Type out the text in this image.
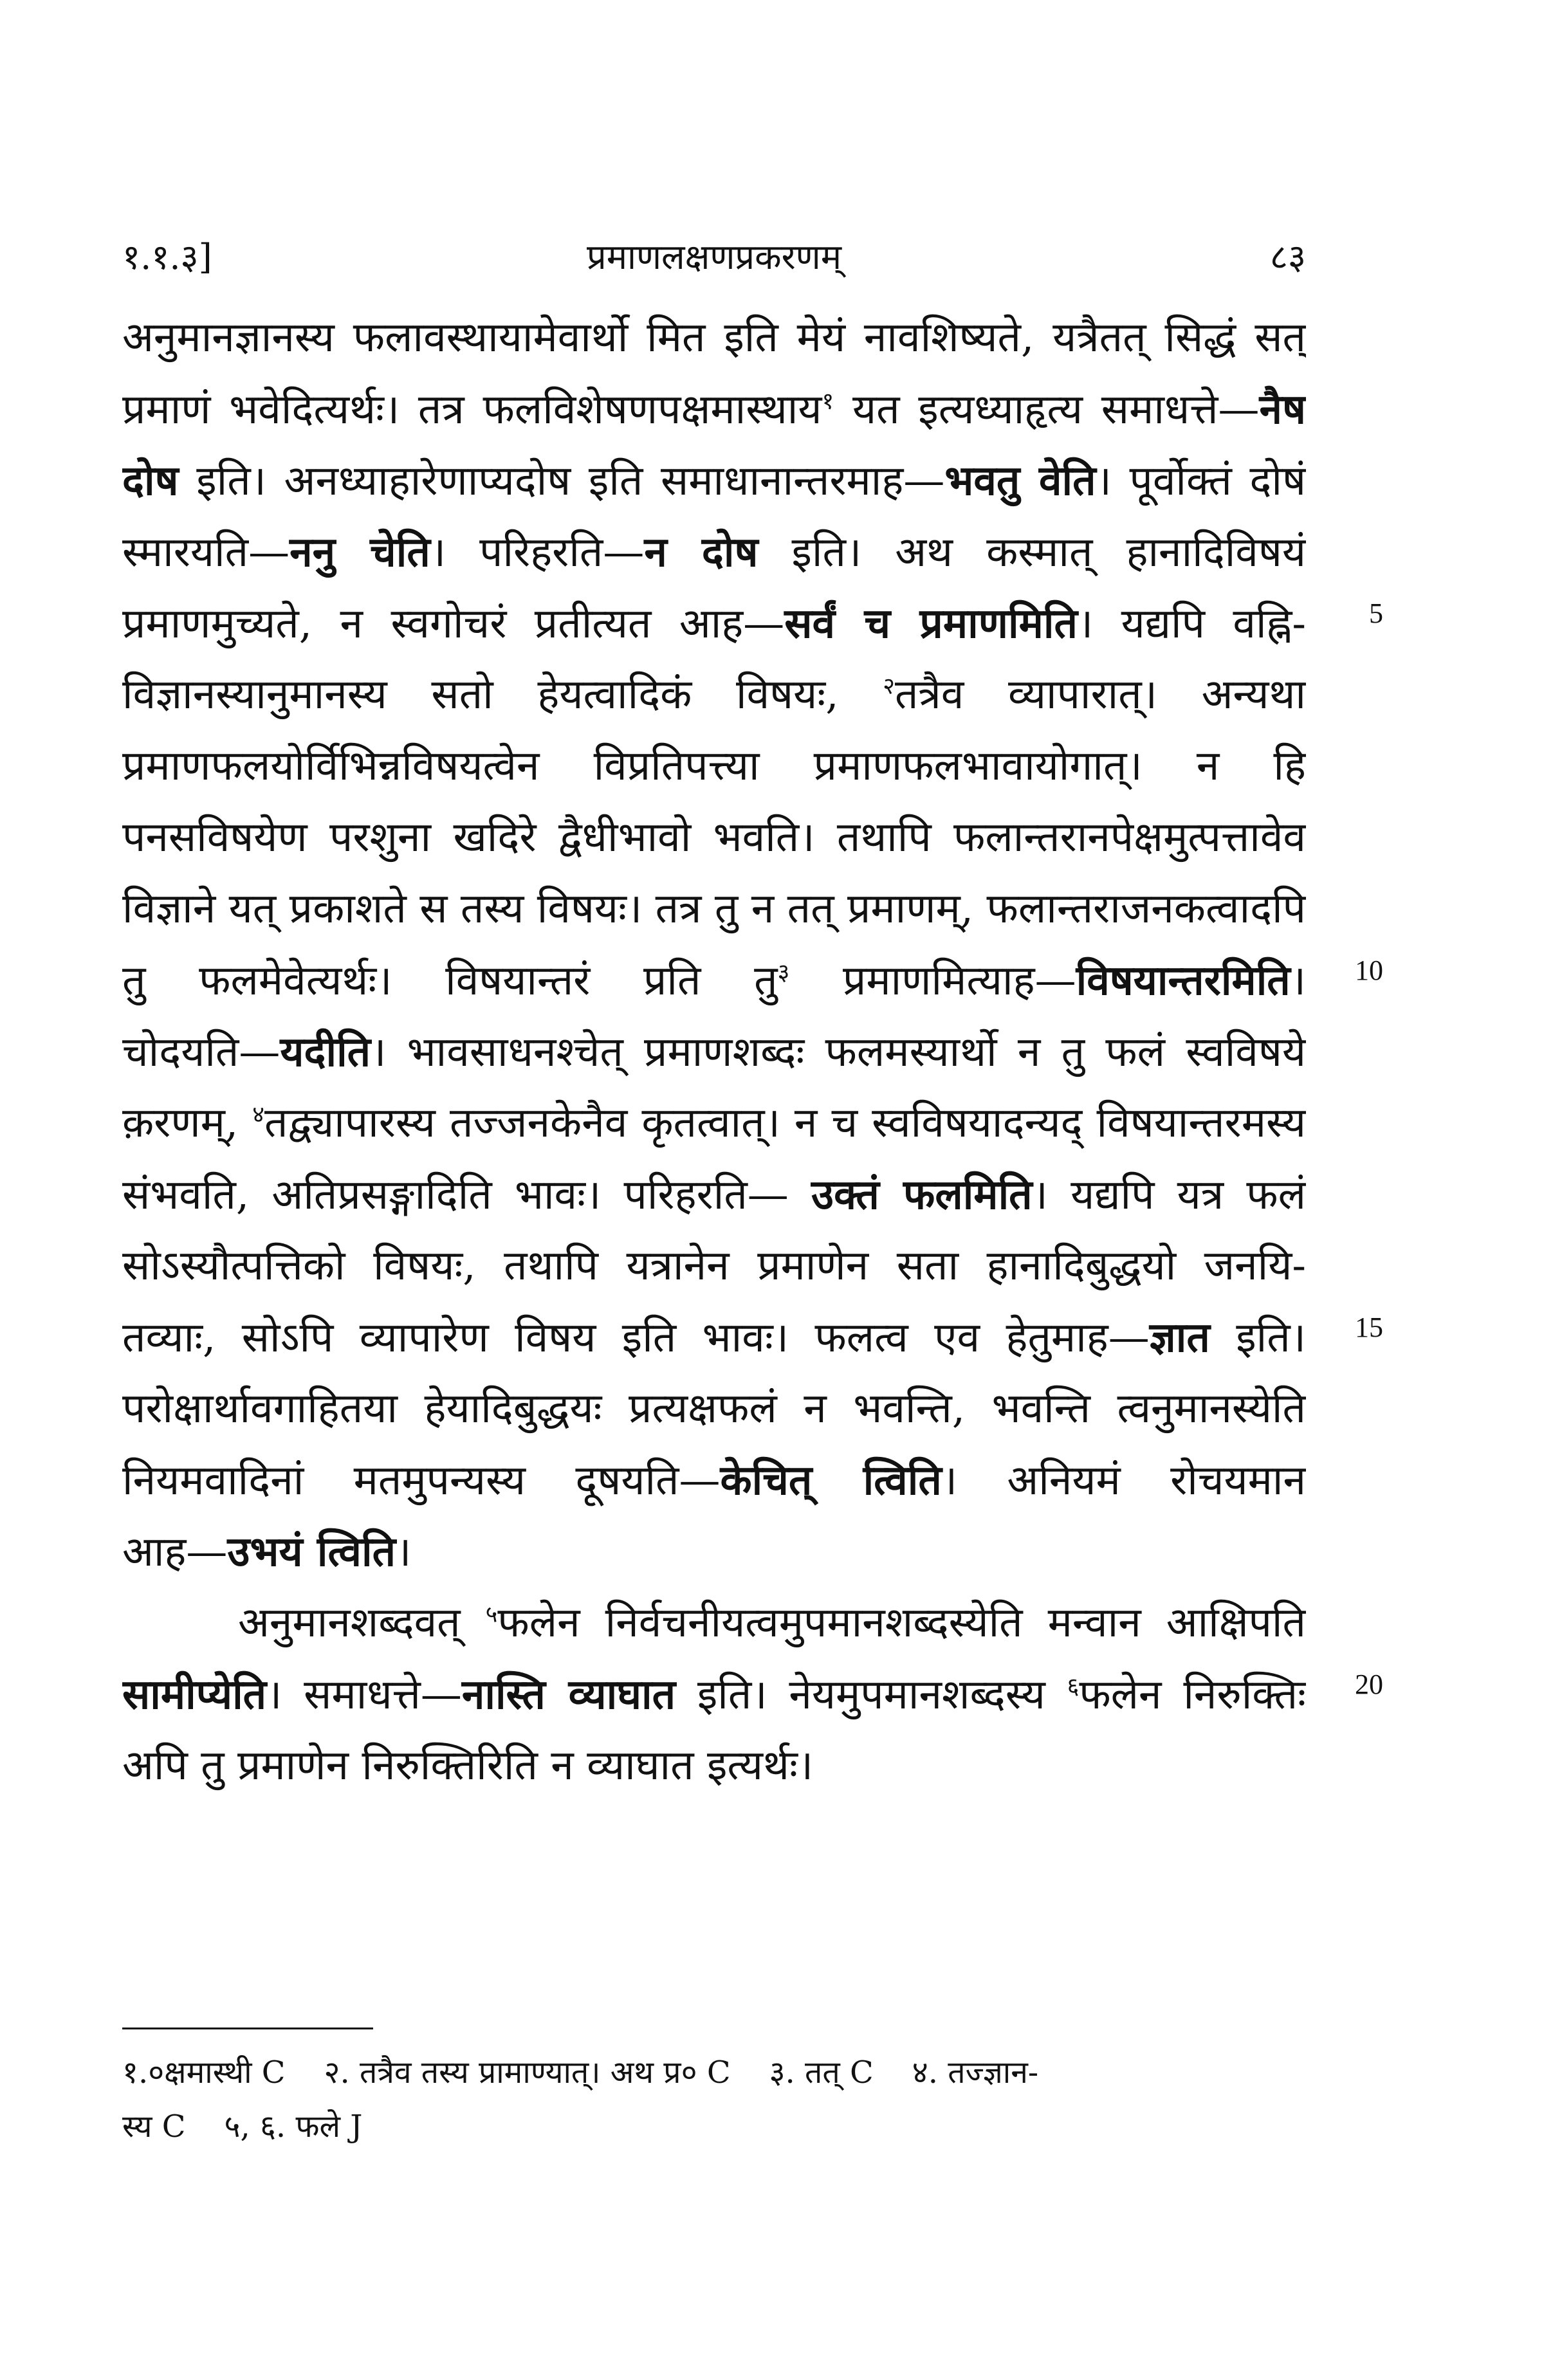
१.१.३]	प्रमाणलक्षणप्रकरणम्	८३
अनुमानज्ञानस्य फलावस्थायामेवार्थो मित इति मेयं नावशिष्यते, यत्रैतत् सिद्धं सत्
प्रमाणं भवेदित्यर्थः। तत्र फलविशेषणपक्षमास्थाय$^१$ यत इत्यध्याहृत्य समाधत्ते—नैष
दोष इति। अनध्याहारेणाप्यदोष इति समाधानान्तरमाह—भवतु वेति। पूर्वोक्तं दोषं
स्मारयति—ननु चेति। परिहरति—न दोष इति। अथ कस्मात् हानादिविषयं
प्रमाणमुच्यते, न स्वगोचरं प्रतीत्यत आह—सर्वं च प्रमाणमिति। यद्यपि वह्नि-
विज्ञानस्यानुमानस्य सतो हेयत्वादिकं विषयः, $^२$तत्रैव व्यापारात्। अन्यथा
प्रमाणफलयोर्विभिन्नविषयत्वेन विप्रतिपत्त्या प्रमाणफलभावायोगात्। न हि
पनसविषयेण परशुना खदिरे द्वैधीभावो भवति। तथापि फलान्तरानपेक्षमुत्पत्तावेव
विज्ञाने यत् प्रकाशते स तस्य विषयः। तत्र तु न तत् प्रमाणम्, फलान्तराजनकत्वादपि
तु फलमेवेत्यर्थः। विषयान्तरं प्रति तु$^३$ प्रमाणमित्याह—विषयान्तरमिति।
चोदयति—यदीति। भावसाधनश्चेत् प्रमाणशब्दः फलमस्यार्थो न तु फलं स्वविषये
क़रणम्, $^४$तद्व्यापारस्य तज्जनकेनैव कृतत्वात्। न च स्वविषयादन्यद् विषयान्तरमस्य
संभवति, अतिप्रसङ्गादिति भावः। परिहरति— उक्तं फलमिति। यद्यपि यत्र फलं
सोऽस्यौत्पत्तिको विषयः, तथापि यत्रानेन प्रमाणेन सता हानादिबुद्धयो जनयि-
तव्याः, सोऽपि व्यापारेण विषय इति भावः। फलत्व एव हेतुमाह—ज्ञात इति।
परोक्षार्थावगाहितया हेयादिबुद्धयः प्रत्यक्षफलं न भवन्ति, भवन्ति त्वनुमानस्येति
नियमवादिनां मतमुपन्यस्य दूषयति—केचित् त्विति। अनियमं रोचयमान
आह—उभयं त्विति।
अनुमानशब्दवत् $^५$फलेन निर्वचनीयत्वमुपमानशब्दस्येति मन्वान आक्षिपति
सामीप्येति। समाधत्ते—नास्ति व्याघात इति। नेयमुपमानशब्दस्य $^६$फलेन निरुक्तिः
अपि तु प्रमाणेन निरुक्तिरिति न व्याघात इत्यर्थः।
१.०क्षमास्थी C २. तत्रैव तस्य प्रामाण्यात्। अथ प्र० C ३. तत् C ४. तज्ज्ञान-
स्य C ५, ६. फले J
5
10
15
20
